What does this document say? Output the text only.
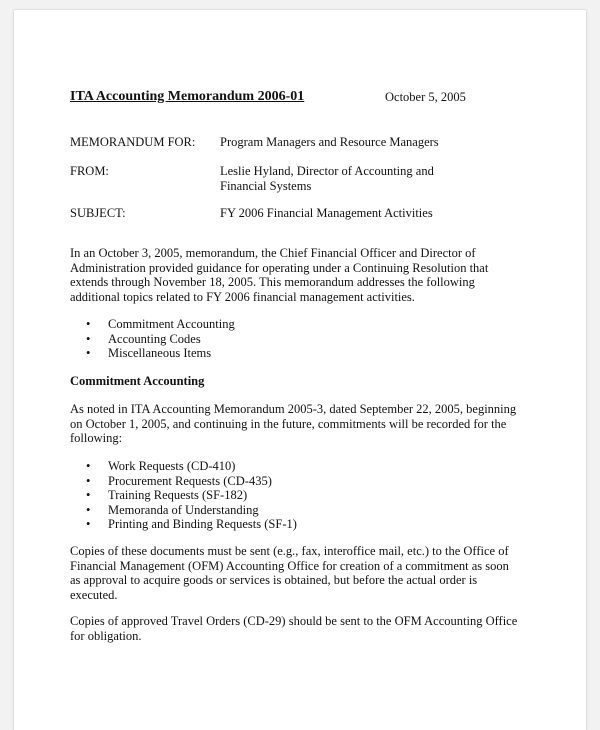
ITA Accounting Memorandum 2006-01	October 5, 2005
MEMORANDUM FOR: Program Managers and Resource Managers
FROM:	Leslie Hyland, Director of Accounting and Financial Systems
SUBJECT:	FY 2006 Financial Management Activities
In an October 3, 2005, memorandum, the Chief Financial Officer and Director of Administration provided guidance for operating under a Continuing Resolution that extends through November 18, 2005. This memorandum addresses the following additional topics related to FY 2006 financial management activities.
• Commitment Accounting
• Accounting Codes
• Miscellaneous Items
Commitment Accounting
As noted in ITA Accounting Memorandum 2005-3, dated September 22, 2005, beginning on October 1, 2005, and continuing in the future, commitments will be recorded for the following:
• Work Requests (CD-410)
• Procurement Requests (CD-435)
• Training Requests (SF-182)
• Memoranda of Understanding
• Printing and Binding Requests (SF-1)
Copies of these documents must be sent (e.g., fax, interoffice mail, etc.) to the Office of Financial Management (OFM) Accounting Office for creation of a commitment as soon as approval to acquire goods or services is obtained, but before the actual order is executed.
Copies of approved Travel Orders (CD-29) should be sent to the OFM Accounting Office for obligation.
